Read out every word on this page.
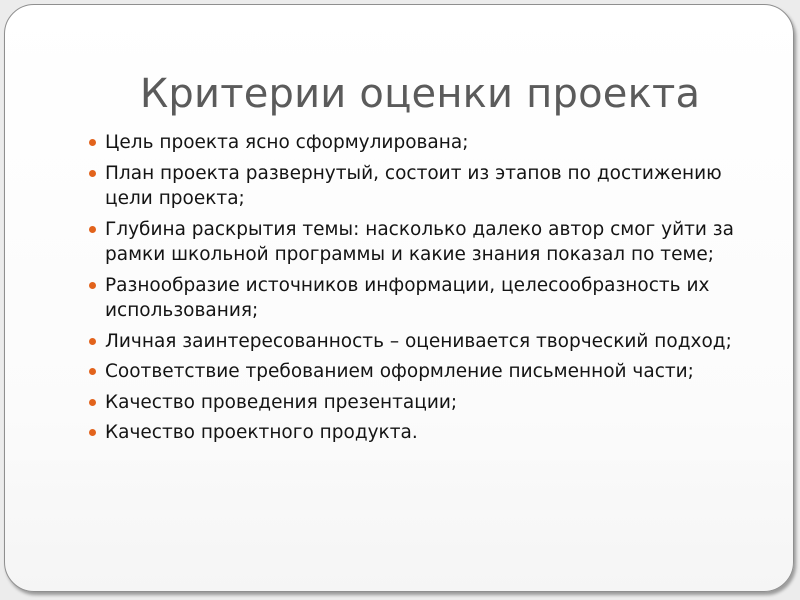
Критерии оценки проекта
Цель проекта ясно сформулирована;
План проекта развернутый, состоит из этапов по достижению цели проекта;
Глубина раскрытия темы: насколько далеко автор смог уйти за рамки школьной программы и какие знания показал по теме;
Разнообразие источников информации, целесообразность их использования;
Личная заинтересованность – оценивается творческий подход;
Соответствие требованием оформление письменной части;
Качество проведения презентации;
Качество проектного продукта.
